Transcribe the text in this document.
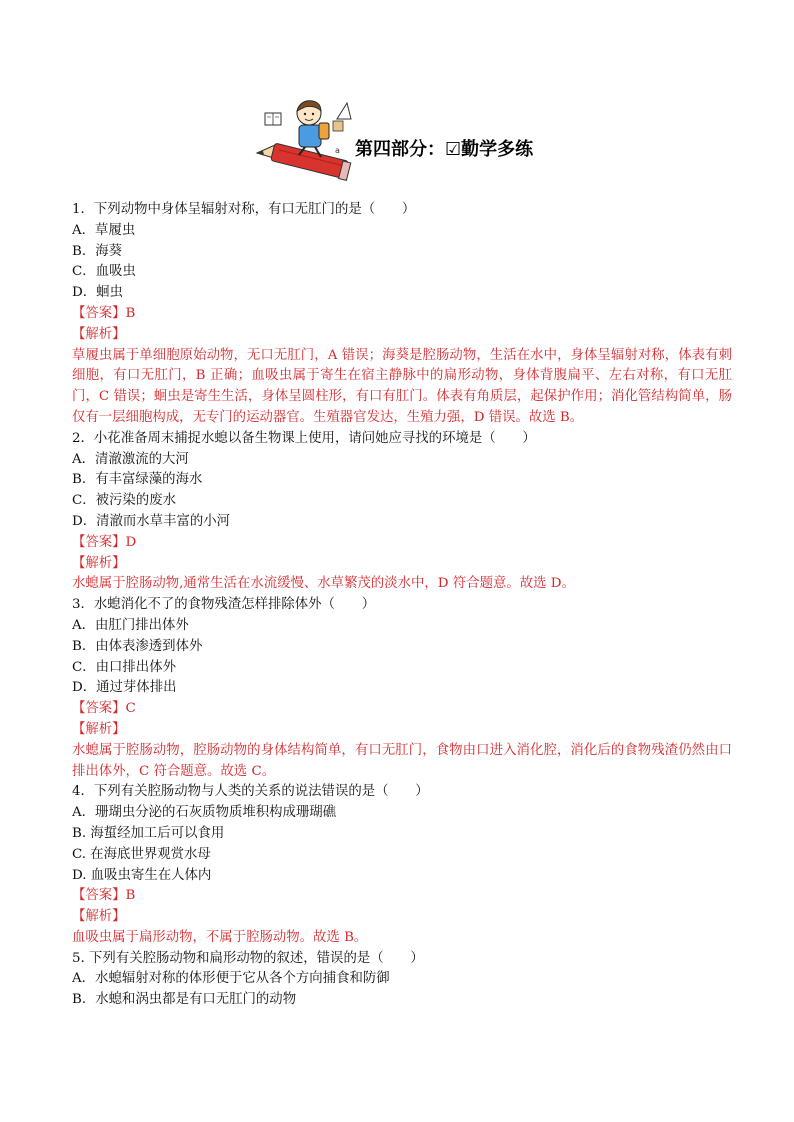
a 第四部分：☑勤学多练
1．下列动物中身体呈辐射对称，有口无肛门的是（　　）
A．草履虫
B．海葵
C．血吸虫
D．蛔虫
【答案】B
【解析】
草履虫属于单细胞原始动物，无口无肛门，A 错误；海葵是腔肠动物，生活在水中，身体呈辐射对称，体表有刺细胞，有口无肛门，B 正确；血吸虫属于寄生在宿主静脉中的扁形动物，身体背腹扁平、左右对称，有口无肛门，C 错误；蛔虫是寄生生活，身体呈圆柱形，有口有肛门。体表有角质层，起保护作用；消化管结构简单，肠仅有一层细胞构成，无专门的运动器官。生殖器官发达，生殖力强，D 错误。故选 B。
2．小花准备周末捕捉水螅以备生物课上使用，请问她应寻找的环境是（　　）
A．清澈激流的大河
B．有丰富绿藻的海水
C．被污染的废水
D．清澈而水草丰富的小河
【答案】D
【解析】
水螅属于腔肠动物,通常生活在水流缓慢、水草繁茂的淡水中，D 符合题意。故选 D。
3．水螅消化不了的食物残渣怎样排除体外（　　）
A．由肛门排出体外
B．由体表渗透到体外
C．由口排出体外
D．通过芽体排出
【答案】C
【解析】
水螅属于腔肠动物，腔肠动物的身体结构简单，有口无肛门，食物由口进入消化腔，消化后的食物残渣仍然由口排出体外，C 符合题意。故选 C。
4．下列有关腔肠动物与人类的关系的说法错误的是（　　）
A．珊瑚虫分泌的石灰质物质堆积构成珊瑚礁
B. 海蜇经加工后可以食用
C. 在海底世界观赏水母
D. 血吸虫寄生在人体内
【答案】B
【解析】
血吸虫属于扁形动物，不属于腔肠动物。故选 B。
5. 下列有关腔肠动物和扁形动物的叙述，错误的是（　　）
A．水螅辐射对称的体形便于它从各个方向捕食和防御
B．水螅和涡虫都是有口无肛门的动物
